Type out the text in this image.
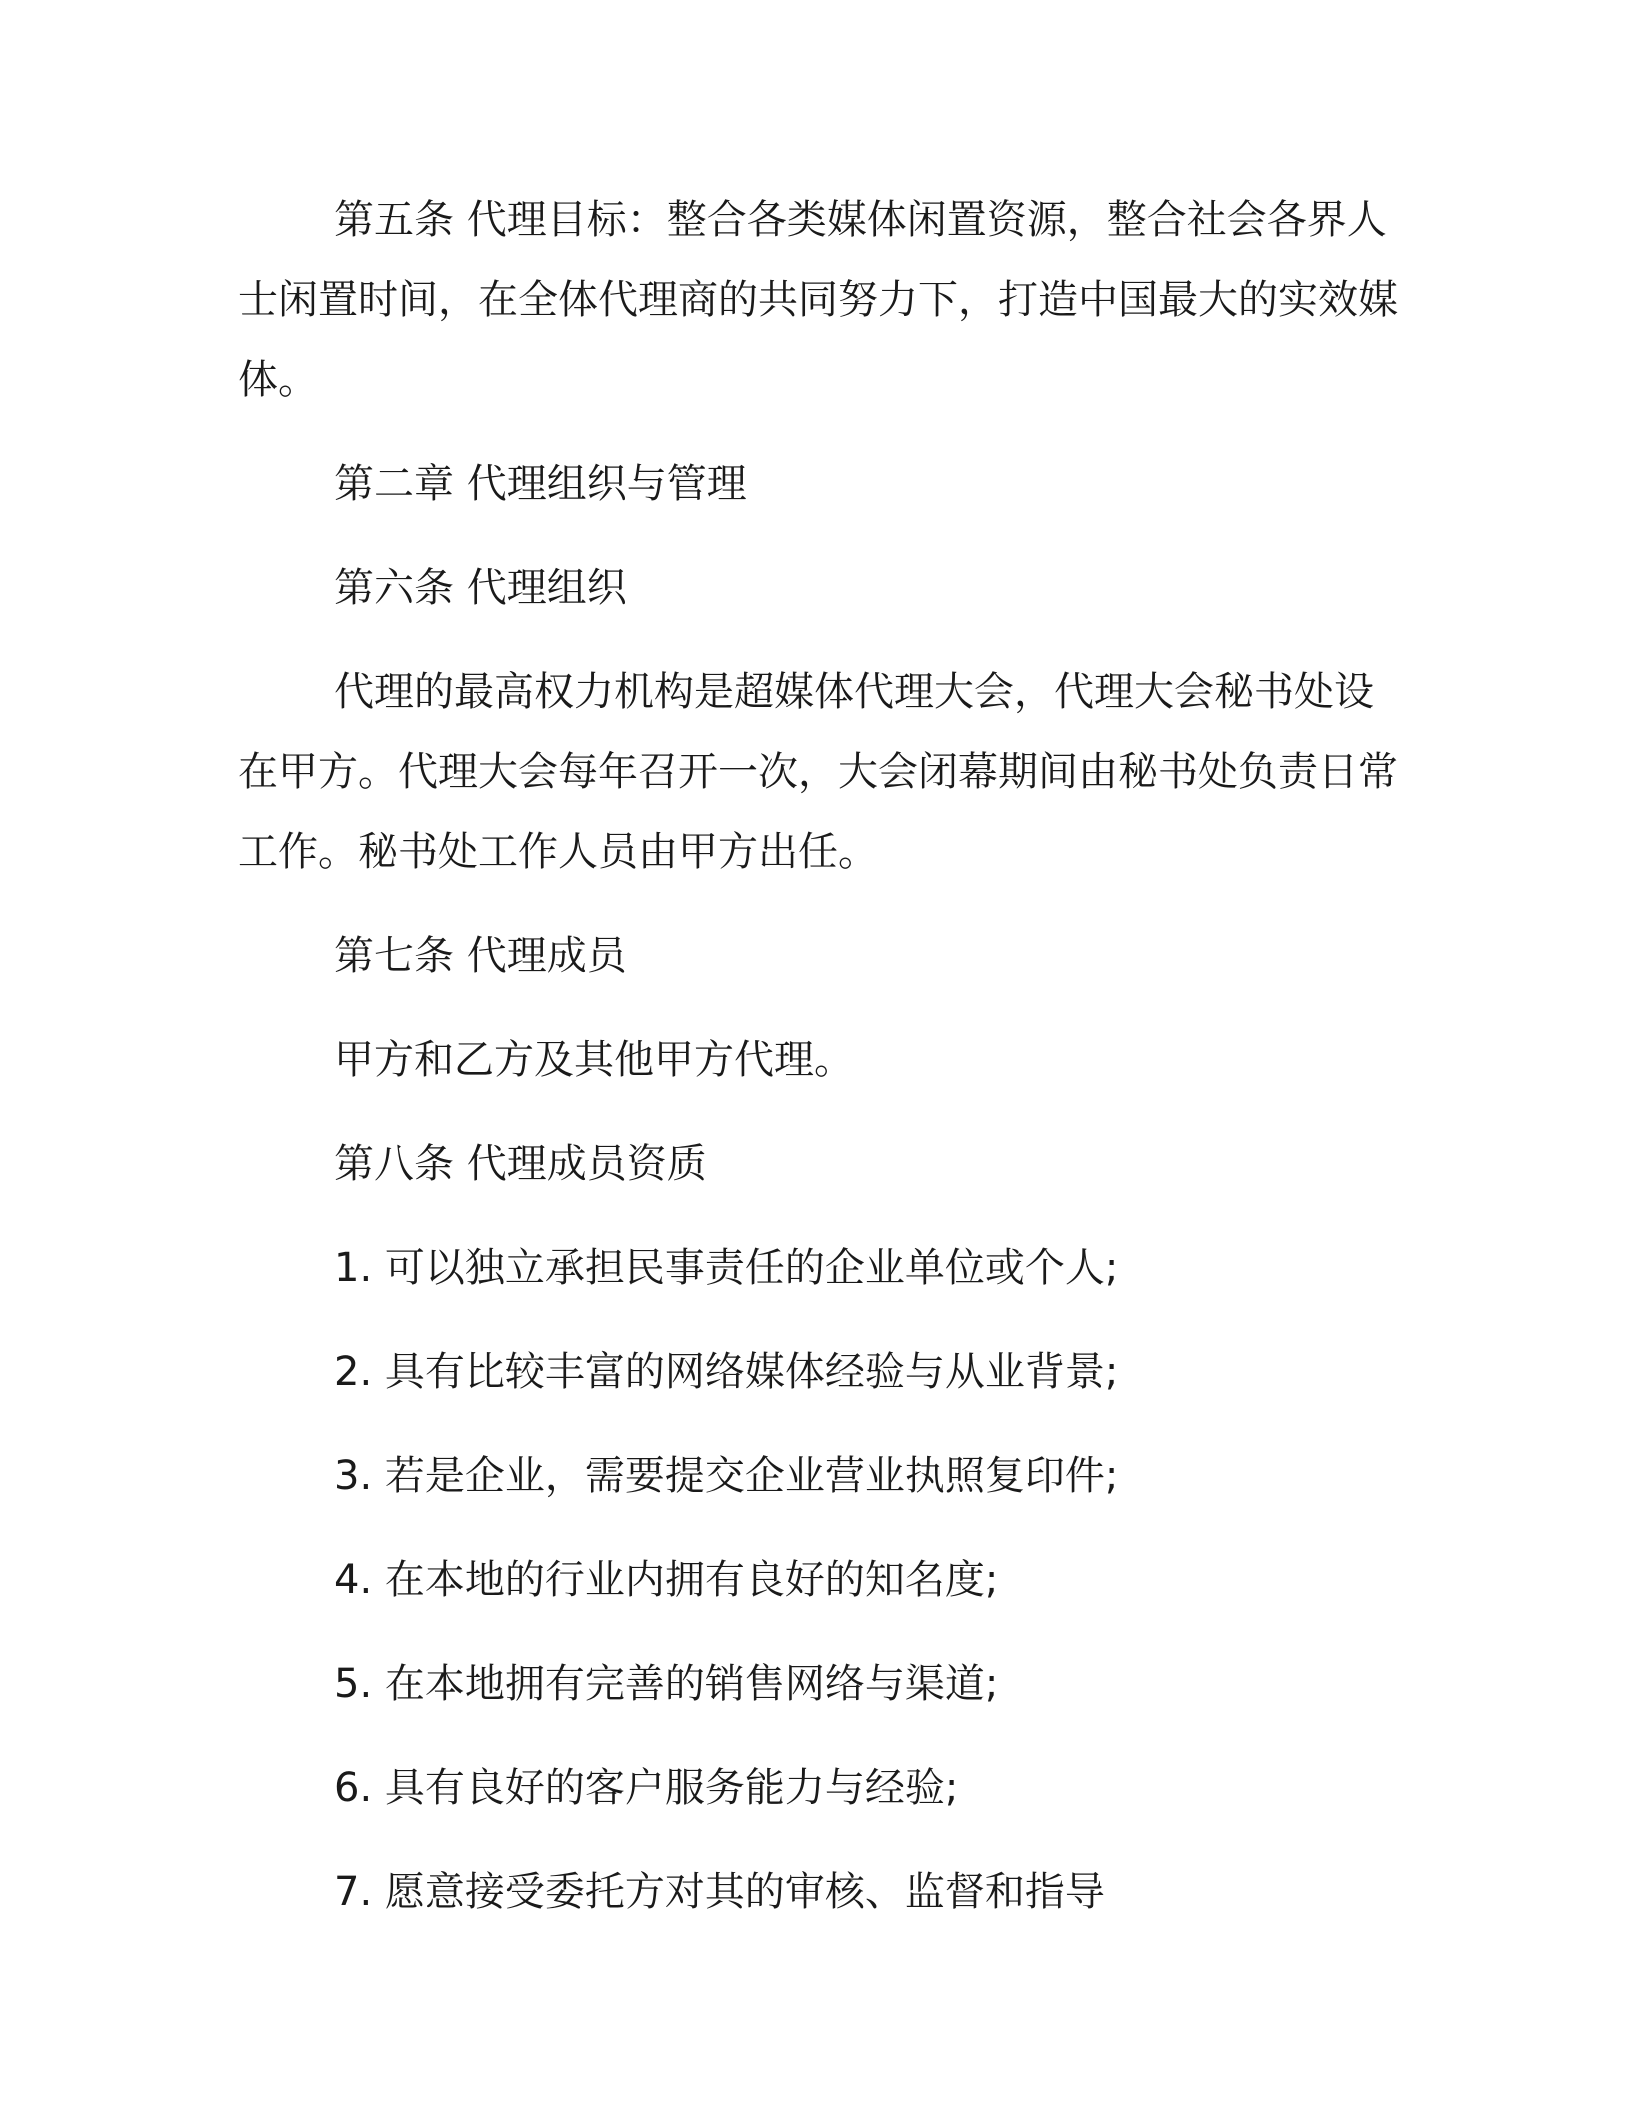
第五条 代理目标：整合各类媒体闲置资源，整合社会各界人士闲置时间，在全体代理商的共同努力下，打造中国最大的实效媒体。

第二章 代理组织与管理

第六条 代理组织

代理的最高权力机构是超媒体代理大会，代理大会秘书处设在甲方。代理大会每年召开一次，大会闭幕期间由秘书处负责日常工作。秘书处工作人员由甲方出任。

第七条 代理成员

甲方和乙方及其他甲方代理。

第八条 代理成员资质

1. 可以独立承担民事责任的企业单位或个人;

2. 具有比较丰富的网络媒体经验与从业背景;

3. 若是企业，需要提交企业营业执照复印件;

4. 在本地的行业内拥有良好的知名度;

5. 在本地拥有完善的销售网络与渠道;

6. 具有良好的客户服务能力与经验;

7. 愿意接受委托方对其的审核、监督和指导
